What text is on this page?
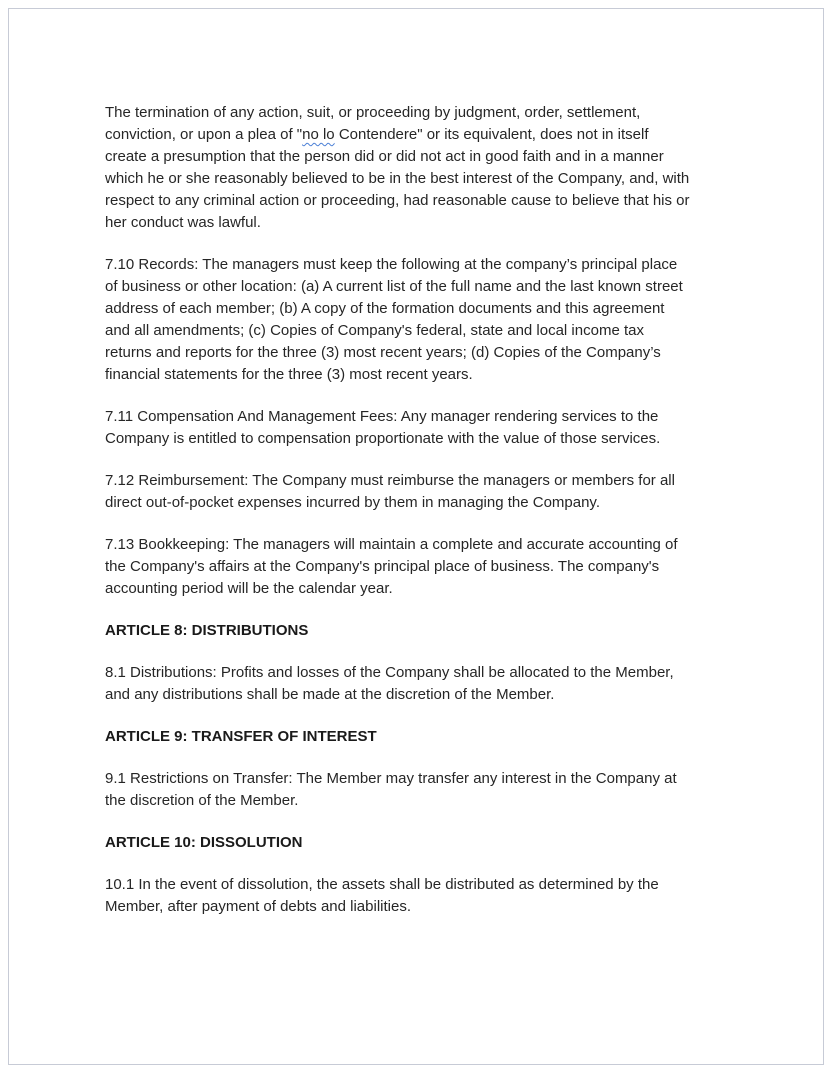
The termination of any action, suit, or proceeding by judgment, order, settlement,
conviction, or upon a plea of "no lo Contendere" or its equivalent, does not in itself
create a presumption that the person did or did not act in good faith and in a manner
which he or she reasonably believed to be in the best interest of the Company, and, with
respect to any criminal action or proceeding, had reasonable cause to believe that his or
her conduct was lawful.
7.10 Records: The managers must keep the following at the company’s principal place
of business or other location: (a) A current list of the full name and the last known street
address of each member; (b) A copy of the formation documents and this agreement
and all amendments; (c) Copies of Company's federal, state and local income tax
returns and reports for the three (3) most recent years; (d) Copies of the Company’s
financial statements for the three (3) most recent years.
7.11 Compensation And Management Fees: Any manager rendering services to the
Company is entitled to compensation proportionate with the value of those services.
7.12 Reimbursement: The Company must reimburse the managers or members for all
direct out-of-pocket expenses incurred by them in managing the Company.
7.13 Bookkeeping: The managers will maintain a complete and accurate accounting of
the Company's affairs at the Company's principal place of business. The company's
accounting period will be the calendar year.
ARTICLE 8: DISTRIBUTIONS
8.1 Distributions: Profits and losses of the Company shall be allocated to the Member,
and any distributions shall be made at the discretion of the Member.
ARTICLE 9: TRANSFER OF INTEREST
9.1 Restrictions on Transfer: The Member may transfer any interest in the Company at
the discretion of the Member.
ARTICLE 10: DISSOLUTION
10.1 In the event of dissolution, the assets shall be distributed as determined by the
Member, after payment of debts and liabilities.
